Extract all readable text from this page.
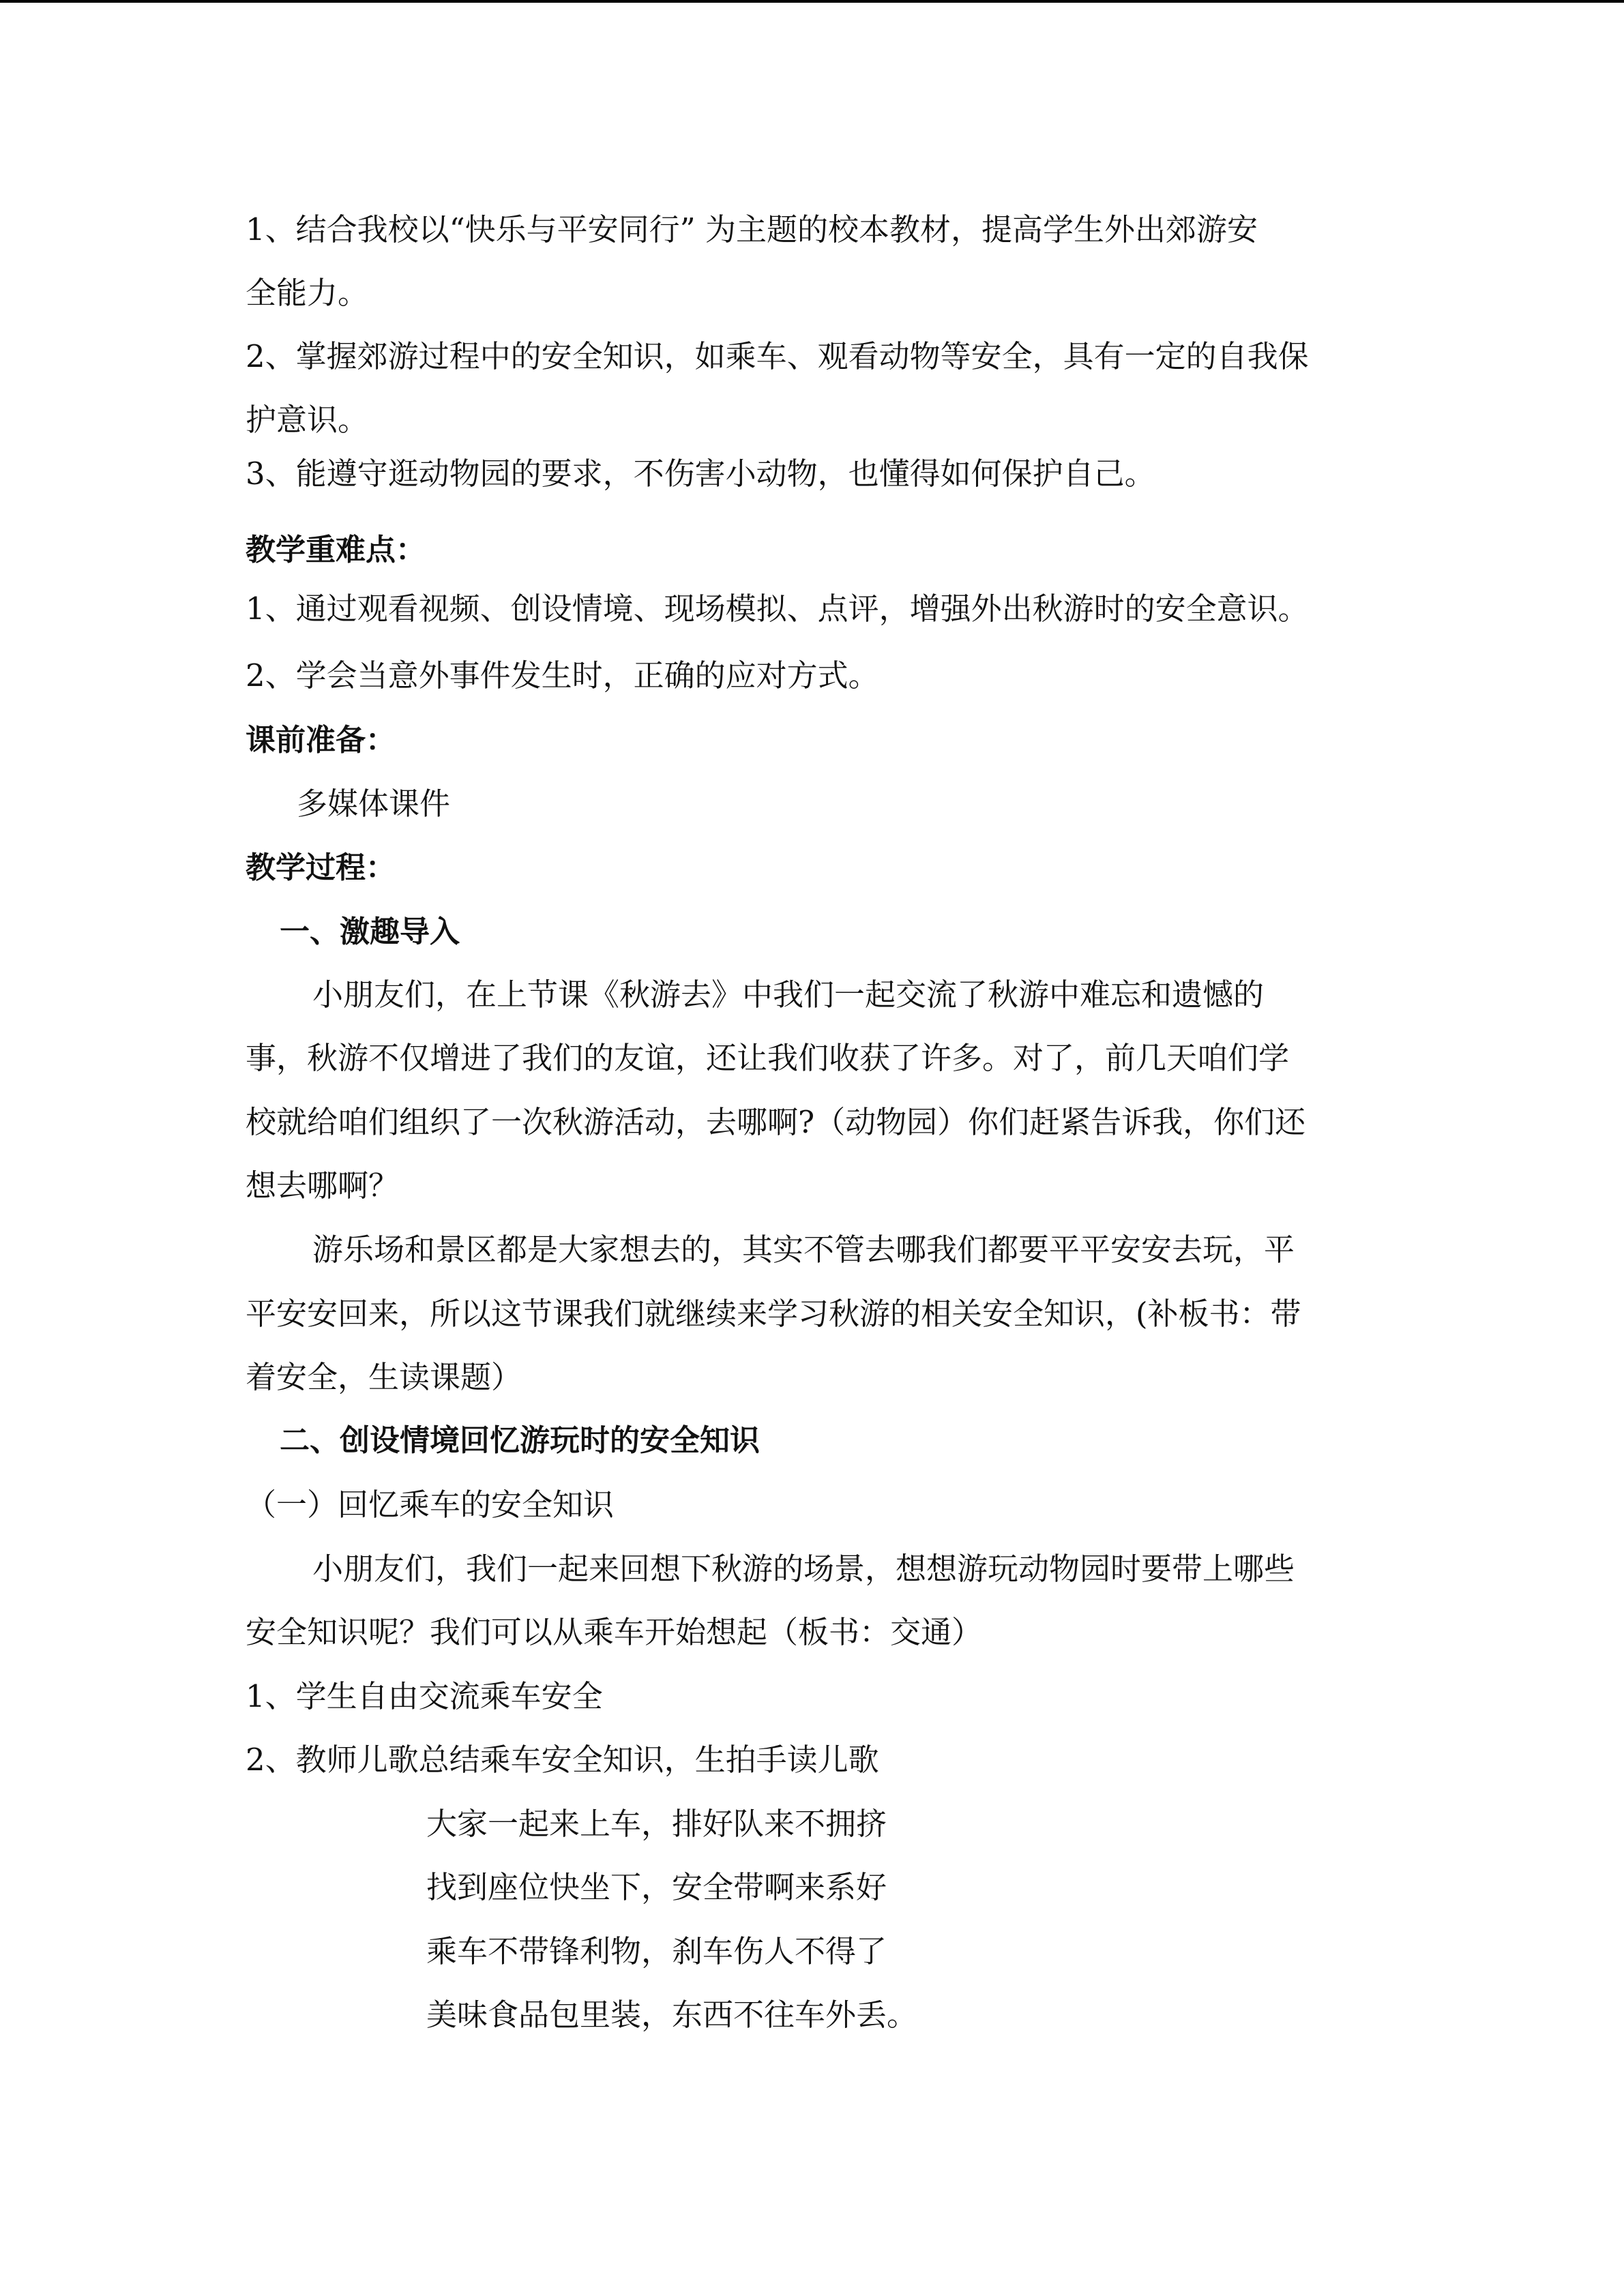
1、结合我校以“快乐与平安同行” 为主题的校本教材，提高学生外出郊游安
全能力。
2、掌握郊游过程中的安全知识，如乘车、观看动物等安全，具有一定的自我保
护意识。
3、能遵守逛动物园的要求，不伤害小动物，也懂得如何保护自己。
教学重难点：
1、通过观看视频、创设情境、现场模拟、点评，增强外出秋游时的安全意识。
2、学会当意外事件发生时，正确的应对方式。
课前准备：
多媒体课件
教学过程：
一、激趣导入
小朋友们，在上节课《秋游去》中我们一起交流了秋游中难忘和遗憾的
事，秋游不仅增进了我们的友谊，还让我们收获了许多。对了，前几天咱们学
校就给咱们组织了一次秋游活动，去哪啊?（动物园）你们赶紧告诉我，你们还
想去哪啊？
游乐场和景区都是大家想去的，其实不管去哪我们都要平平安安去玩，平
平安安回来，所以这节课我们就继续来学习秋游的相关安全知识，(补板书：带
着安全，生读课题）
二、创设情境回忆游玩时的安全知识
（一）回忆乘车的安全知识
小朋友们，我们一起来回想下秋游的场景，想想游玩动物园时要带上哪些
安全知识呢？我们可以从乘车开始想起（板书：交通）
1、学生自由交流乘车安全
2、教师儿歌总结乘车安全知识，生拍手读儿歌
大家一起来上车，排好队来不拥挤
找到座位快坐下，安全带啊来系好
乘车不带锋利物，刹车伤人不得了
美味食品包里装，东西不往车外丢。
